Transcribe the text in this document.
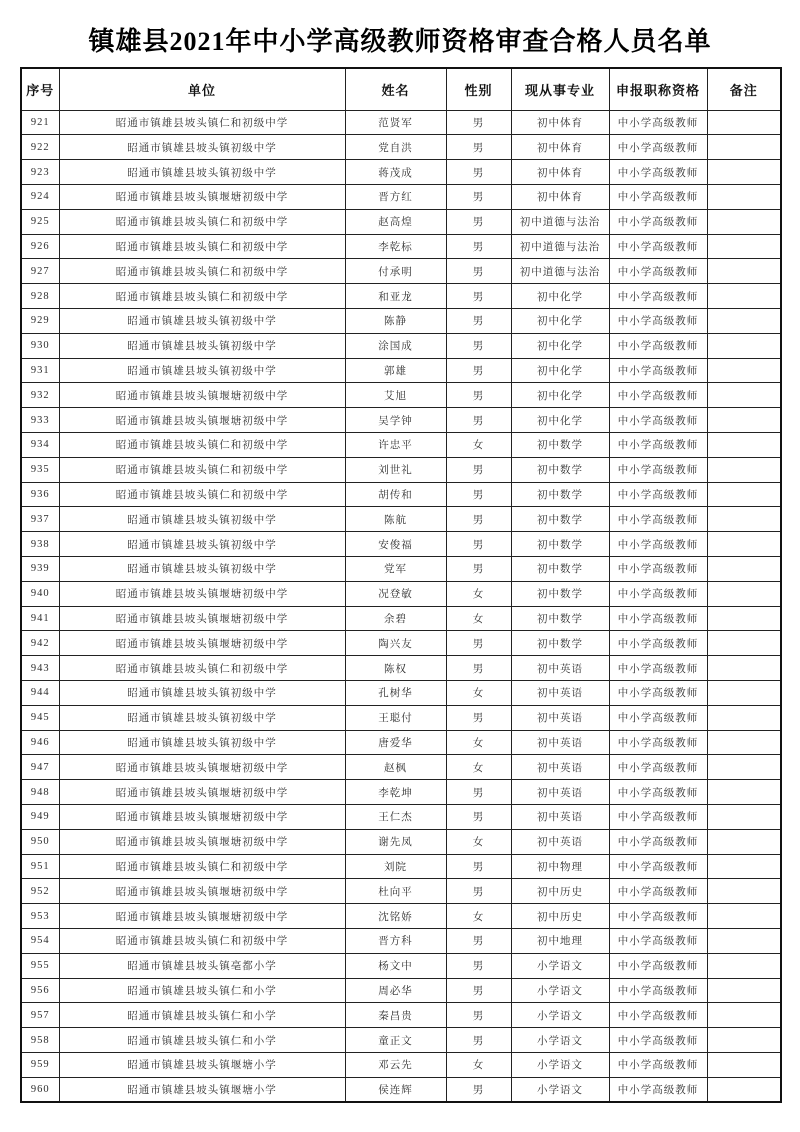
镇雄县2021年中小学高级教师资格审查合格人员名单
序号	单位	姓名	性别	现从事专业	申报职称资格	备注
921	昭通市镇雄县坡头镇仁和初级中学	范贤军	男	初中体育	中小学高级教师	
922	昭通市镇雄县坡头镇初级中学	党自洪	男	初中体育	中小学高级教师	
923	昭通市镇雄县坡头镇初级中学	蒋茂成	男	初中体育	中小学高级教师	
924	昭通市镇雄县坡头镇堰塘初级中学	晋方红	男	初中体育	中小学高级教师	
925	昭通市镇雄县坡头镇仁和初级中学	赵高煌	男	初中道德与法治	中小学高级教师	
926	昭通市镇雄县坡头镇仁和初级中学	李乾标	男	初中道德与法治	中小学高级教师	
927	昭通市镇雄县坡头镇仁和初级中学	付承明	男	初中道德与法治	中小学高级教师	
928	昭通市镇雄县坡头镇仁和初级中学	和亚龙	男	初中化学	中小学高级教师	
929	昭通市镇雄县坡头镇初级中学	陈静	男	初中化学	中小学高级教师	
930	昭通市镇雄县坡头镇初级中学	涂国成	男	初中化学	中小学高级教师	
931	昭通市镇雄县坡头镇初级中学	郭雄	男	初中化学	中小学高级教师	
932	昭通市镇雄县坡头镇堰塘初级中学	艾旭	男	初中化学	中小学高级教师	
933	昭通市镇雄县坡头镇堰塘初级中学	吴学钟	男	初中化学	中小学高级教师	
934	昭通市镇雄县坡头镇仁和初级中学	许忠平	女	初中数学	中小学高级教师	
935	昭通市镇雄县坡头镇仁和初级中学	刘世礼	男	初中数学	中小学高级教师	
936	昭通市镇雄县坡头镇仁和初级中学	胡传和	男	初中数学	中小学高级教师	
937	昭通市镇雄县坡头镇初级中学	陈航	男	初中数学	中小学高级教师	
938	昭通市镇雄县坡头镇初级中学	安俊福	男	初中数学	中小学高级教师	
939	昭通市镇雄县坡头镇初级中学	党军	男	初中数学	中小学高级教师	
940	昭通市镇雄县坡头镇堰塘初级中学	况登敏	女	初中数学	中小学高级教师	
941	昭通市镇雄县坡头镇堰塘初级中学	余碧	女	初中数学	中小学高级教师	
942	昭通市镇雄县坡头镇堰塘初级中学	陶兴友	男	初中数学	中小学高级教师	
943	昭通市镇雄县坡头镇仁和初级中学	陈权	男	初中英语	中小学高级教师	
944	昭通市镇雄县坡头镇初级中学	孔树华	女	初中英语	中小学高级教师	
945	昭通市镇雄县坡头镇初级中学	王聪付	男	初中英语	中小学高级教师	
946	昭通市镇雄县坡头镇初级中学	唐爱华	女	初中英语	中小学高级教师	
947	昭通市镇雄县坡头镇堰塘初级中学	赵枫	女	初中英语	中小学高级教师	
948	昭通市镇雄县坡头镇堰塘初级中学	李乾坤	男	初中英语	中小学高级教师	
949	昭通市镇雄县坡头镇堰塘初级中学	王仁杰	男	初中英语	中小学高级教师	
950	昭通市镇雄县坡头镇堰塘初级中学	谢先凤	女	初中英语	中小学高级教师	
951	昭通市镇雄县坡头镇仁和初级中学	刘院	男	初中物理	中小学高级教师	
952	昭通市镇雄县坡头镇堰塘初级中学	杜向平	男	初中历史	中小学高级教师	
953	昭通市镇雄县坡头镇堰塘初级中学	沈铭娇	女	初中历史	中小学高级教师	
954	昭通市镇雄县坡头镇仁和初级中学	晋方科	男	初中地理	中小学高级教师	
955	昭通市镇雄县坡头镇亳都小学	杨文中	男	小学语文	中小学高级教师	
956	昭通市镇雄县坡头镇仁和小学	周必华	男	小学语文	中小学高级教师	
957	昭通市镇雄县坡头镇仁和小学	秦昌贵	男	小学语文	中小学高级教师	
958	昭通市镇雄县坡头镇仁和小学	童正文	男	小学语文	中小学高级教师	
959	昭通市镇雄县坡头镇堰塘小学	邓云先	女	小学语文	中小学高级教师	
960	昭通市镇雄县坡头镇堰塘小学	侯连辉	男	小学语文	中小学高级教师	
